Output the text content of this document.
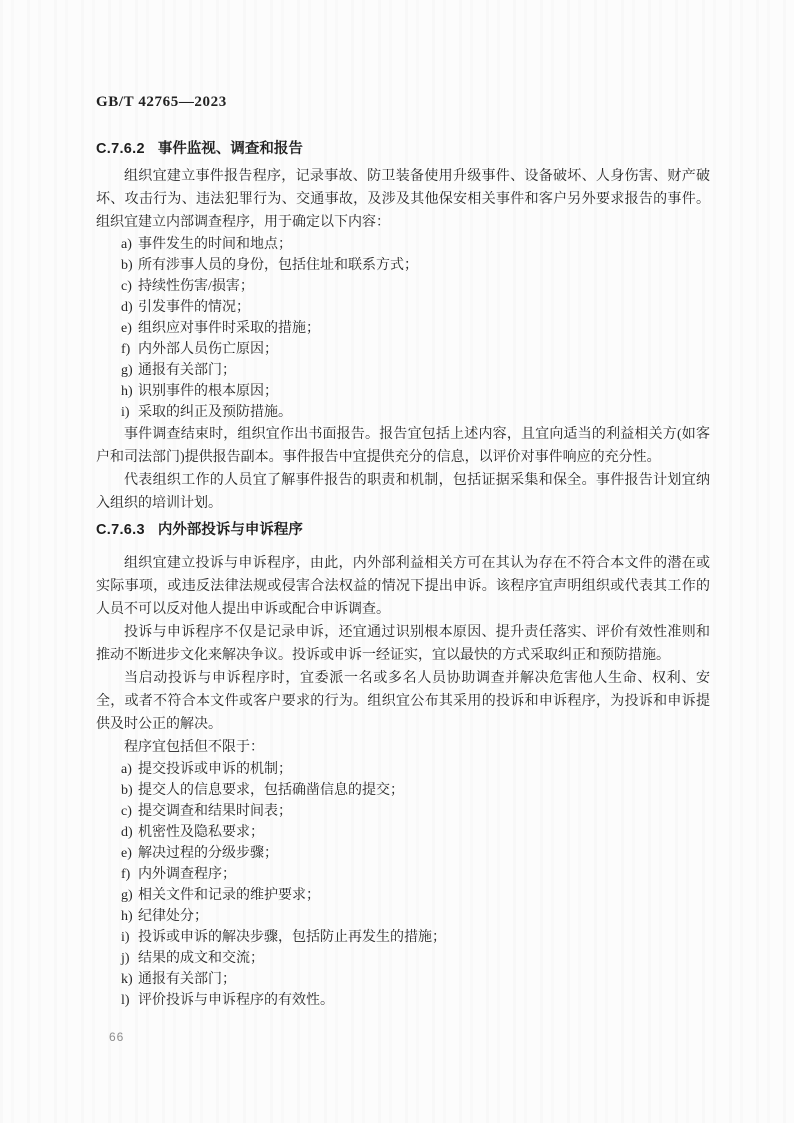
GB/T 42765—2023
C.7.6.2 事件监视、调查和报告

组织宜建立事件报告程序，记录事故、防卫装备使用升级事件、设备破坏、人身伤害、财产破坏、攻击行为、违法犯罪行为、交通事故，及涉及其他保安相关事件和客户另外要求报告的事件。组织宜建立内部调查程序，用于确定以下内容：

a) 事件发生的时间和地点；
b) 所有涉事人员的身份，包括住址和联系方式；
c) 持续性伤害/损害；
d) 引发事件的情况；
e) 组织应对事件时采取的措施；
f) 内外部人员伤亡原因；
g) 通报有关部门；
h) 识别事件的根本原因；
i) 采取的纠正及预防措施。

事件调查结束时，组织宜作出书面报告。报告宜包括上述内容，且宜向适当的利益相关方(如客户和司法部门)提供报告副本。事件报告中宜提供充分的信息，以评价对事件响应的充分性。

代表组织工作的人员宜了解事件报告的职责和机制，包括证据采集和保全。事件报告计划宜纳入组织的培训计划。

C.7.6.3 内外部投诉与申诉程序

组织宜建立投诉与申诉程序，由此，内外部利益相关方可在其认为存在不符合本文件的潜在或实际事项，或违反法律法规或侵害合法权益的情况下提出申诉。该程序宜声明组织或代表其工作的人员不可以反对他人提出申诉或配合申诉调查。

投诉与申诉程序不仅是记录申诉，还宜通过识别根本原因、提升责任落实、评价有效性准则和推动不断进步文化来解决争议。投诉或申诉一经证实，宜以最快的方式采取纠正和预防措施。

当启动投诉与申诉程序时，宜委派一名或多名人员协助调查并解决危害他人生命、权利、安全，或者不符合本文件或客户要求的行为。组织宜公布其采用的投诉和申诉程序，为投诉和申诉提供及时公正的解决。

程序宜包括但不限于：

a) 提交投诉或申诉的机制；
b) 提交人的信息要求，包括确凿信息的提交；
c) 提交调查和结果时间表；
d) 机密性及隐私要求；
e) 解决过程的分级步骤；
f) 内外调查程序；
g) 相关文件和记录的维护要求；
h) 纪律处分；
i) 投诉或申诉的解决步骤，包括防止再发生的措施；
j) 结果的成文和交流；
k) 通报有关部门；
l) 评价投诉与申诉程序的有效性。
66
